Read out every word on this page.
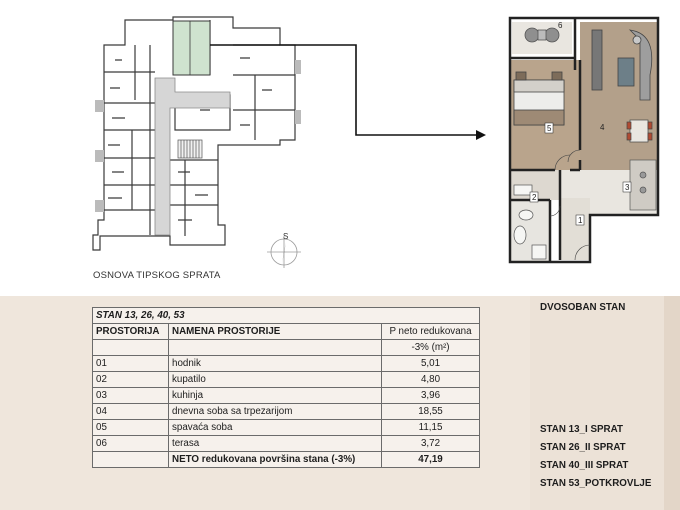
S
OSNOVA TIPSKOG SPRATA
1
2
3
4
5
6
STAN 13, 26, 40, 53		
PROSTORIJA	NAMENA PROSTORIJE	P neto redukovana
		-3% (m²)
01	hodnik	5,01
02	kupatilo	4,80
03	kuhinja	3,96
04	dnevna soba sa trpezarijom	18,55
05	spavaća soba	11,15
06	terasa	3,72
	NETO redukovana površina stana (-3%)	47,19
DVOSOBAN STAN
STAN 13_I SPRAT
STAN 26_II SPRAT
STAN 40_III SPRAT
STAN 53_POTKROVLJE
